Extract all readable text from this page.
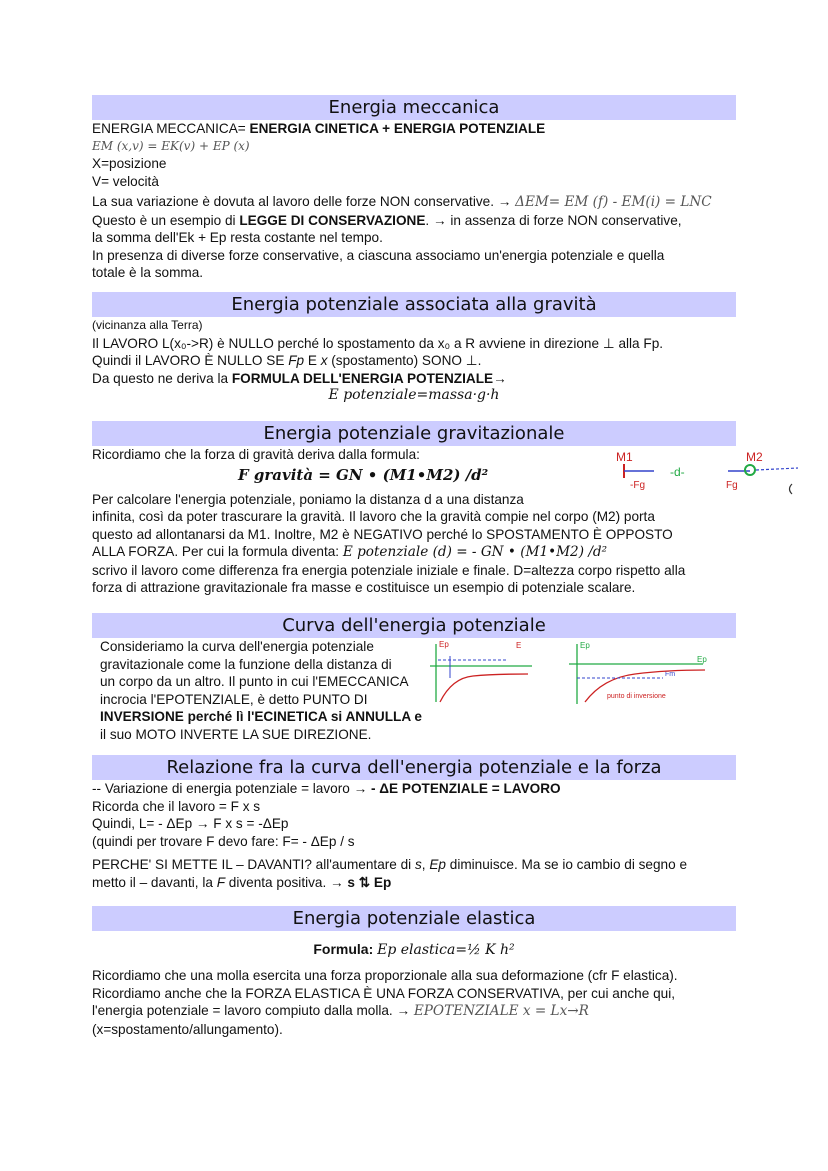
Energia meccanica
ENERGIA MECCANICA= ENERGIA CINETICA + ENERGIA POTENZIALE
EM (x,v) = EK(v) + EP (x)
X=posizione
V= velocità
La sua variazione è dovuta al lavoro delle forze NON conservative. → ΔEM= EM (f) - EM(i) = LNC
Questo è un esempio di LEGGE DI CONSERVAZIONE. → in assenza di forze NON conservative,
la somma dell'Ek + Ep resta costante nel tempo.
In presenza di diverse forze conservative, a ciascuna associamo un'energia potenziale e quella
totale è la somma.
Energia potenziale associata alla gravità
(vicinanza alla Terra)
Il LAVORO L(x₀->R) è NULLO perché lo spostamento da x₀ a R avviene in direzione ⊥ alla Fp.
Quindi il LAVORO È NULLO SE Fp E x (spostamento) SONO ⊥.
Da questo ne deriva la FORMULA DELL'ENERGIA POTENZIALE→
E potenziale=massa·g·h
Energia potenziale gravitazionale
Ricordiamo che la forza di gravità deriva dalla formula:
F gravità = GN • (M1•M2) /d²
Per calcolare l'energia potenziale, poniamo la distanza d a una distanza
infinita, così da poter trascurare la gravità. Il lavoro che la gravità compie nel corpo (M2) porta
questo ad allontanarsi da M1. Inoltre, M2 è NEGATIVO perché lo SPOSTAMENTO È OPPOSTO
ALLA FORZA. Per cui la formula diventa: E potenziale (d) = - GN • (M1•M2) /d²
scrivo il lavoro come differenza fra energia potenziale iniziale e finale. D=altezza corpo rispetto alla
forza di attrazione gravitazionale fra masse e costituisce un esempio di potenziale scalare.
Curva dell'energia potenziale
Consideriamo la curva dell'energia potenziale
gravitazionale come la funzione della distanza di
un corpo da un altro. Il punto in cui l'EMECCANICA
incrocia l'EPOTENZIALE, è detto PUNTO DI
INVERSIONE perché lì l'ECINETICA si ANNULLA e
il suo MOTO INVERTE LA SUE DIREZIONE.
Relazione fra la curva dell'energia potenziale e la forza
-- Variazione di energia potenziale = lavoro → - ΔE POTENZIALE = LAVORO
Ricorda che il lavoro = F x s
Quindi, L= - ΔEp → F x s = -ΔEp
(quindi per trovare F devo fare: F= - ΔEp / s
PERCHE' SI METTE IL – DAVANTI? all'aumentare di s, Ep diminuisce. Ma se io cambio di segno e
metto il – davanti, la F diventa positiva. → s ⇅ Ep
Energia potenziale elastica
Formula: Ep elastica=½ K h²
Ricordiamo che una molla esercita una forza proporzionale alla sua deformazione (cfr F elastica).
Ricordiamo anche che la FORZA ELASTICA È UNA FORZA CONSERVATIVA, per cui anche qui,
l'energia potenziale = lavoro compiuto dalla molla. → EPOTENZIALE x = Lx→R
(x=spostamento/allungamento).
M1
-Fg
-d-
Fg
M2
Ep	E	Ep
Ep
Fm
punto di inversione
